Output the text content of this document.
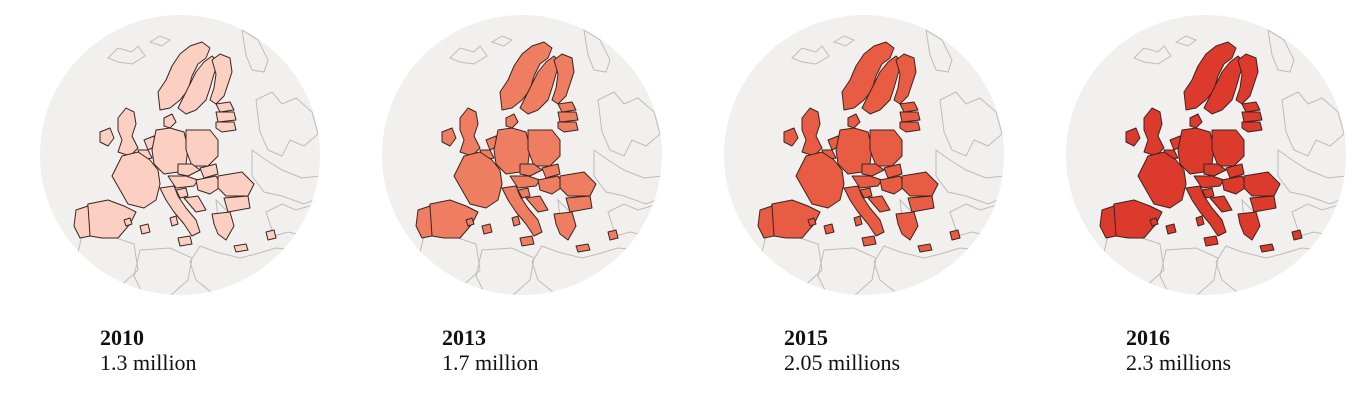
2010
1.3 million
2013
1.7 million
2015
2.05 millions
2016
2.3 millions
